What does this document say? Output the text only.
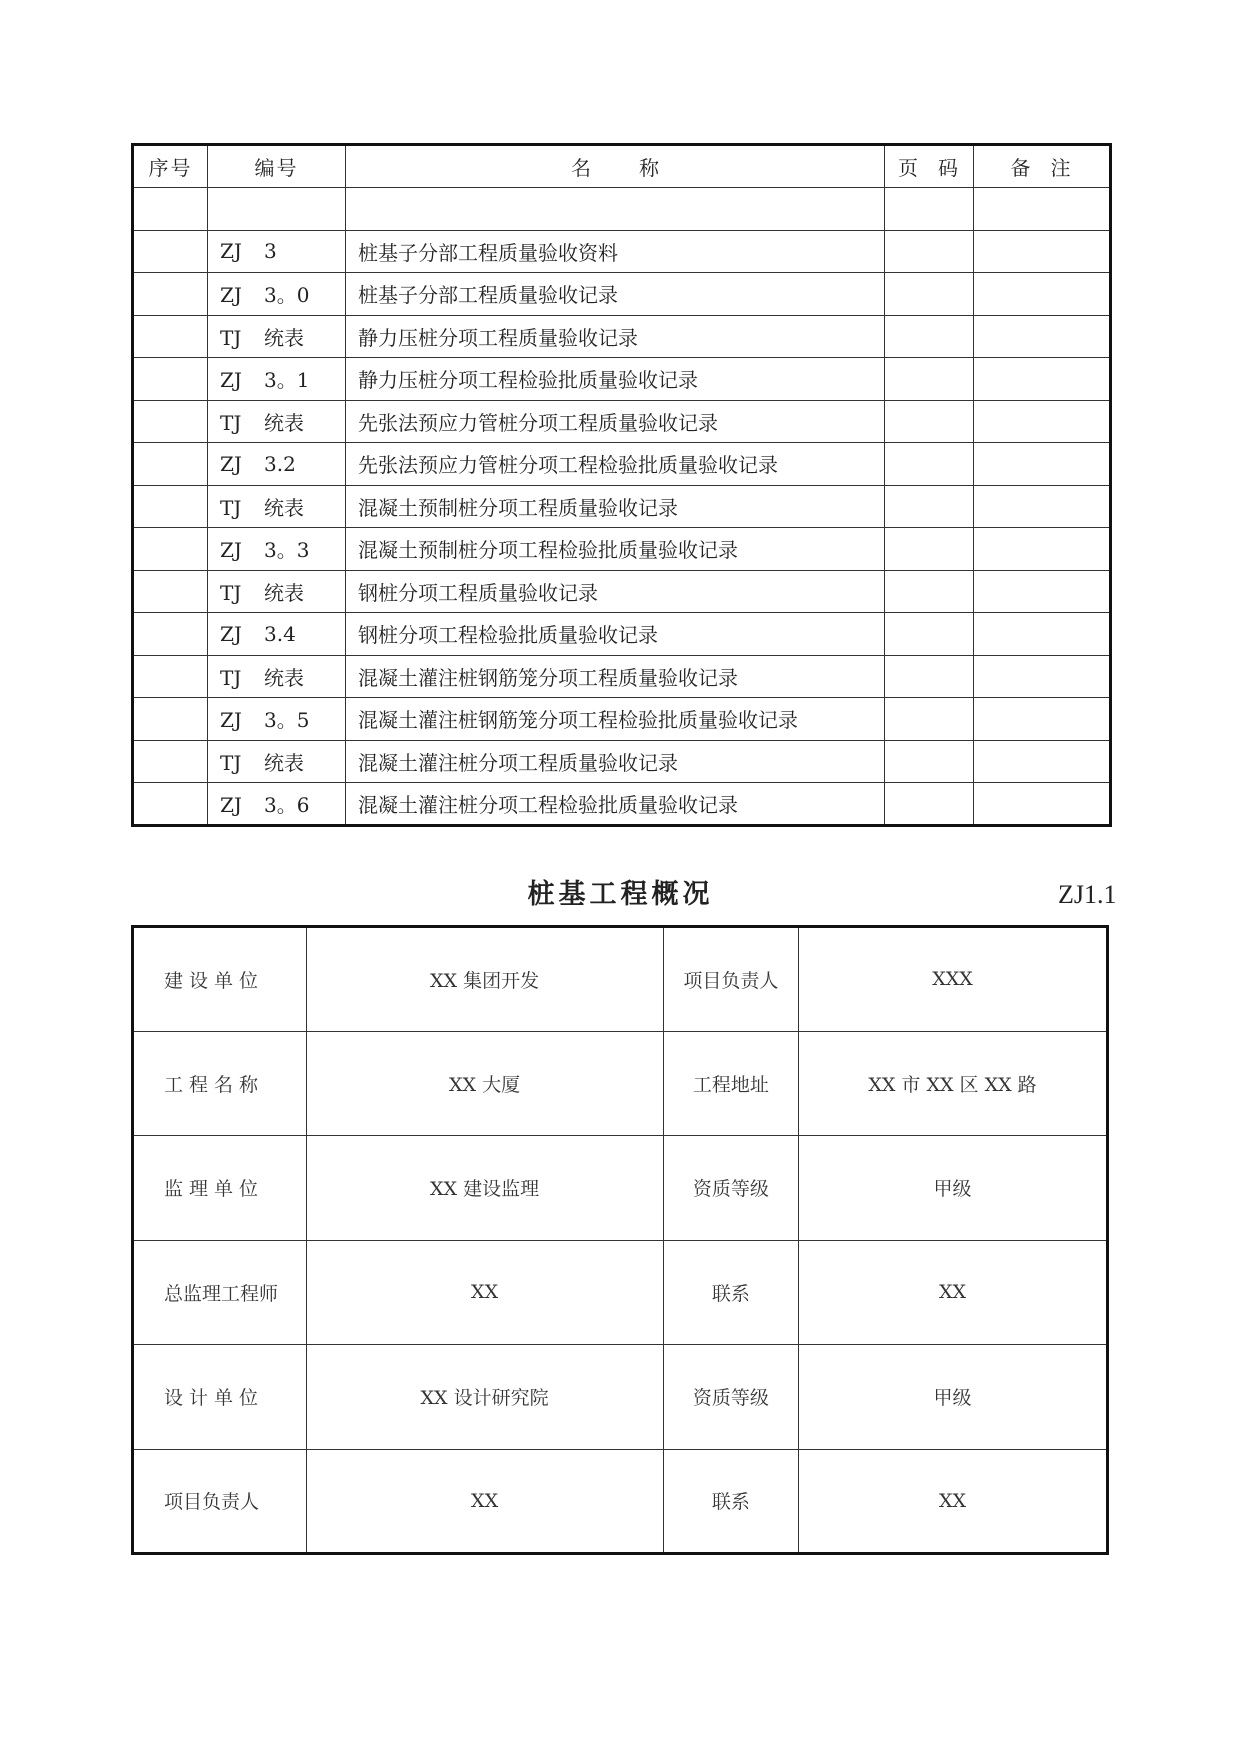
序号	编号	名 称	页 码	备 注

	ZJ 3	桩基子分部工程质量验收资料		
	ZJ 3。0	桩基子分部工程质量验收记录		
	TJ 统表	静力压桩分项工程质量验收记录		
	ZJ 3。1	静力压桩分项工程检验批质量验收记录		
	TJ 统表	先张法预应力管桩分项工程质量验收记录		
	ZJ 3.2	先张法预应力管桩分项工程检验批质量验收记录		
	TJ 统表	混凝土预制桩分项工程质量验收记录		
	ZJ 3。3	混凝土预制桩分项工程检验批质量验收记录		
	TJ 统表	钢桩分项工程质量验收记录		
	ZJ 3.4	钢桩分项工程检验批质量验收记录		
	TJ 统表	混凝土灌注桩钢筋笼分项工程质量验收记录		
	ZJ 3。5	混凝土灌注桩钢筋笼分项工程检验批质量验收记录		
	TJ 统表	混凝土灌注桩分项工程质量验收记录		
	ZJ 3。6	混凝土灌注桩分项工程检验批质量验收记录		
桩基工程概况	ZJ1.1

建设单位	XX 集团开发	项目负责人	XXX
工程名称	XX 大厦	工程地址	XX 市 XX 区 XX 路
监理单位	XX 建设监理	资质等级	甲级
总监理工程师	XX	联系	XX
设计单位	XX 设计研究院	资质等级	甲级
项目负责人	XX	联系	XX
